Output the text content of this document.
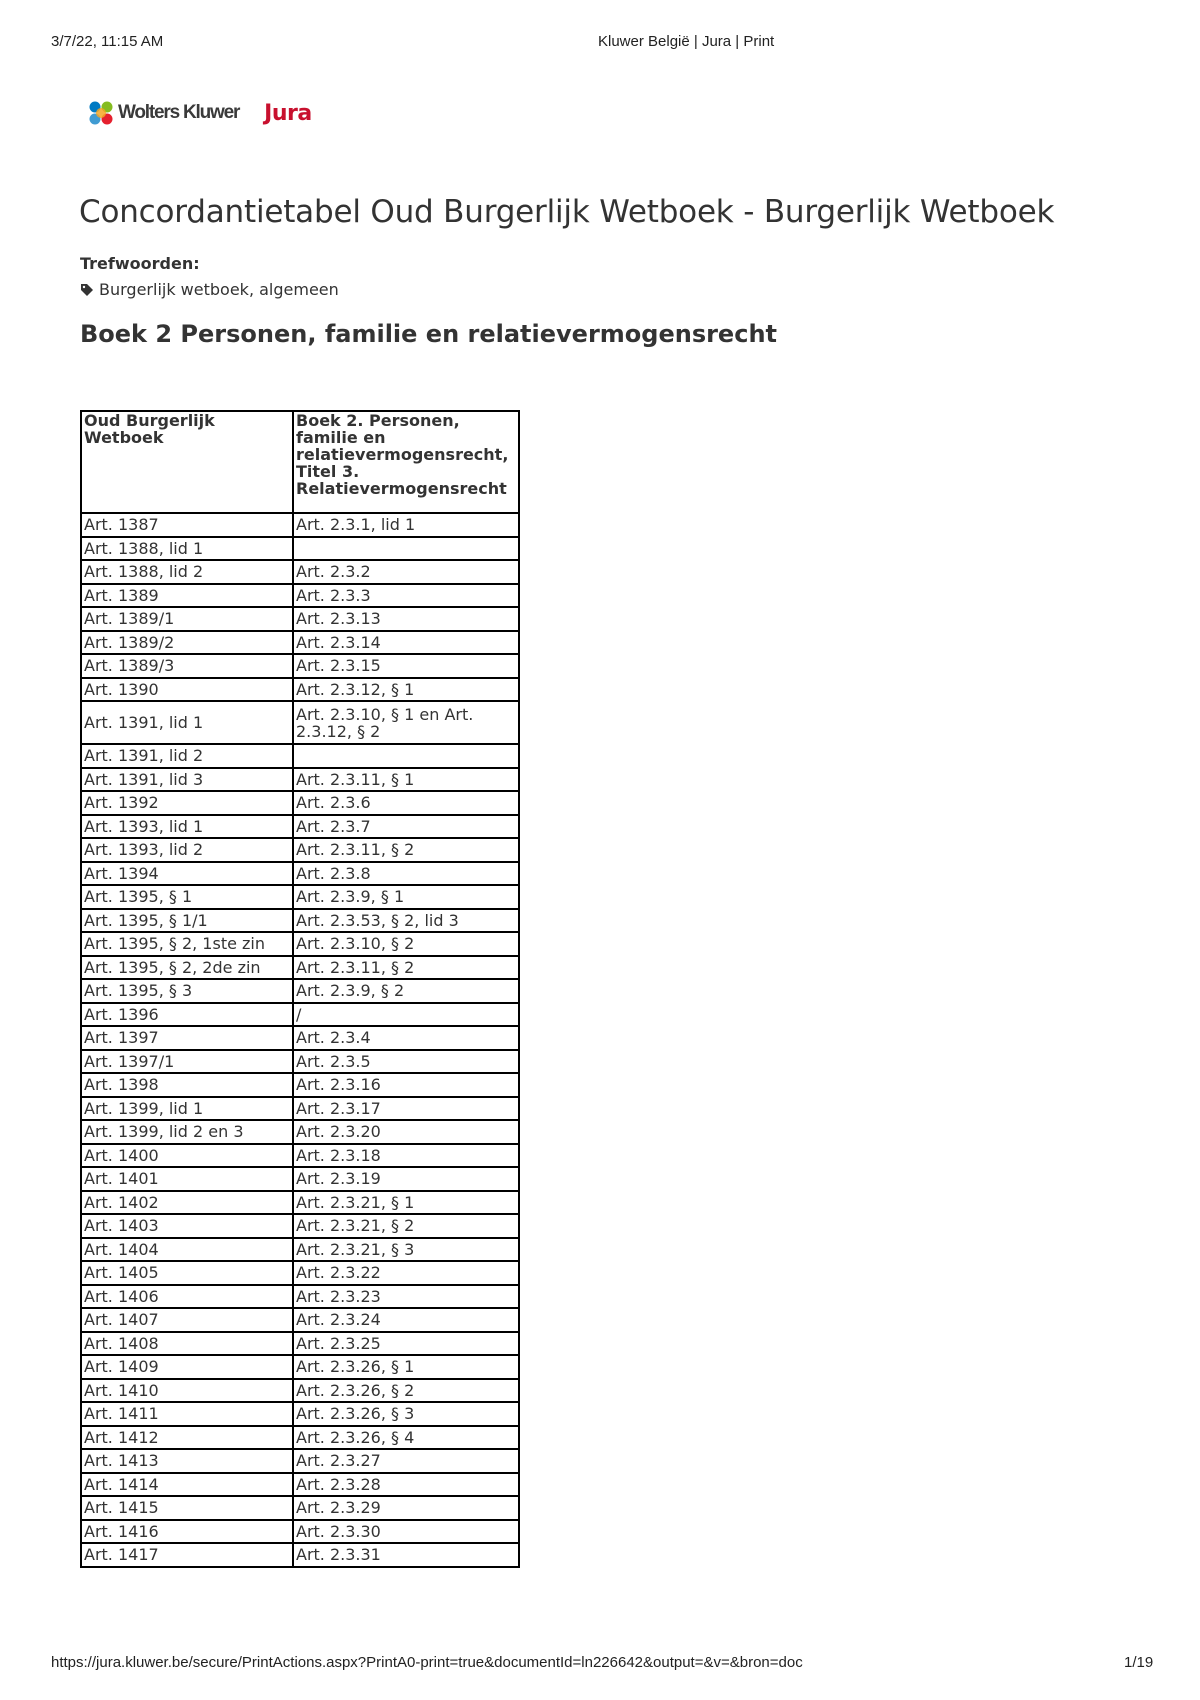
3/7/22, 11:15 AM	Kluwer België | Jura | Print
Wolters Kluwer Jura
Concordantietabel Oud Burgerlijk Wetboek - Burgerlijk Wetboek
Trefwoorden:
Burgerlijk wetboek, algemeen
Boek 2 Personen, familie en relatievermogensrecht
Oud Burgerlijk Wetboek	Boek 2. Personen, familie en relatievermogensrecht, Titel 3. Relatievermogensrecht
Art. 1387	Art. 2.3.1, lid 1
Art. 1388, lid 1	
Art. 1388, lid 2	Art. 2.3.2
Art. 1389	Art. 2.3.3
Art. 1389/1	Art. 2.3.13
Art. 1389/2	Art. 2.3.14
Art. 1389/3	Art. 2.3.15
Art. 1390	Art. 2.3.12, § 1
Art. 1391, lid 1	Art. 2.3.10, § 1 en Art. 2.3.12, § 2
Art. 1391, lid 2	
Art. 1391, lid 3	Art. 2.3.11, § 1
Art. 1392	Art. 2.3.6
Art. 1393, lid 1	Art. 2.3.7
Art. 1393, lid 2	Art. 2.3.11, § 2
Art. 1394	Art. 2.3.8
Art. 1395, § 1	Art. 2.3.9, § 1
Art. 1395, § 1/1	Art. 2.3.53, § 2, lid 3
Art. 1395, § 2, 1ste zin	Art. 2.3.10, § 2
Art. 1395, § 2, 2de zin	Art. 2.3.11, § 2
Art. 1395, § 3	Art. 2.3.9, § 2
Art. 1396	/
Art. 1397	Art. 2.3.4
Art. 1397/1	Art. 2.3.5
Art. 1398	Art. 2.3.16
Art. 1399, lid 1	Art. 2.3.17
Art. 1399, lid 2 en 3	Art. 2.3.20
Art. 1400	Art. 2.3.18
Art. 1401	Art. 2.3.19
Art. 1402	Art. 2.3.21, § 1
Art. 1403	Art. 2.3.21, § 2
Art. 1404	Art. 2.3.21, § 3
Art. 1405	Art. 2.3.22
Art. 1406	Art. 2.3.23
Art. 1407	Art. 2.3.24
Art. 1408	Art. 2.3.25
Art. 1409	Art. 2.3.26, § 1
Art. 1410	Art. 2.3.26, § 2
Art. 1411	Art. 2.3.26, § 3
Art. 1412	Art. 2.3.26, § 4
Art. 1413	Art. 2.3.27
Art. 1414	Art. 2.3.28
Art. 1415	Art. 2.3.29
Art. 1416	Art. 2.3.30
Art. 1417	Art. 2.3.31
https://jura.kluwer.be/secure/PrintActions.aspx?PrintA0-print=true&documentId=ln226642&output=&v=&bron=doc	1/19
